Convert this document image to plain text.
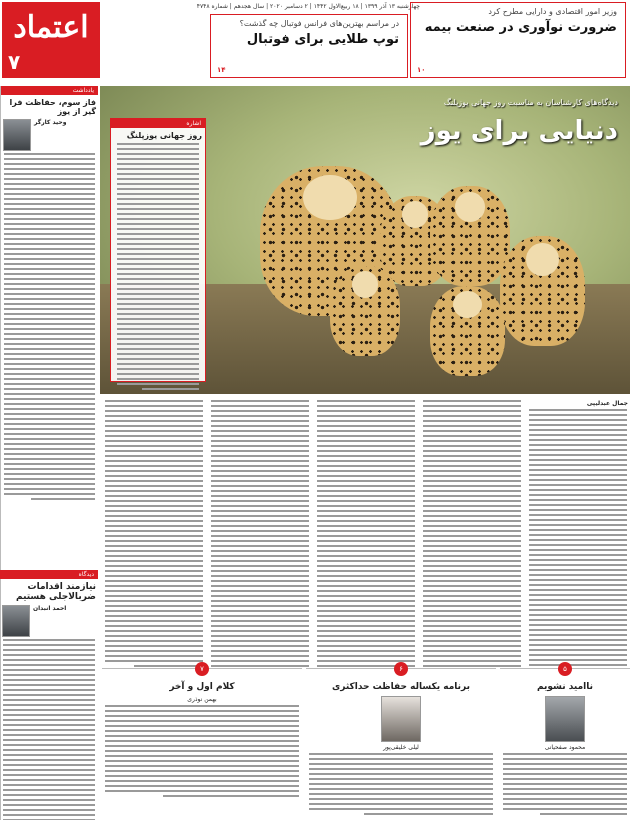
اعتماد
۷
چهارشنبه ۱۳ آذر ۱۳۹۹ | ۱۸ ربیع‌الاول ۱۴۴۲ | ۲ دسامبر ۲۰۲۰ | سال هجدهم | شماره ۴۷۴۸
وزیر امور اقتصادی و دارایی مطرح کرد
ضرورت نوآوری در صنعت بیمه
۱۰
در مراسم بهترین‌های فرانس فوتبال چه گذشت؟
توپ طلایی برای فوتبال
۱۴
یادداشت
فاز سوم، حفاظت فرا گیر از یوز
وحید کارگر
دیدگاه
نیازمند اقدامات ضربالاجلی هستیم
احمد انبدان
دیدگاه‌های کارشناسان به مناسبت روز جهانی یوزپلنگ
دنیایی برای یوز
اشاره
روز جهانی یوزپلنگ
جمال عبدلیپی
۵
ناامید نشویم
محمود صفحیانی
۶
برنامه یکساله حفاظت حداکثری
لیلی خلیقی‌پور
۷
کلام اول و آخر
بهمن نوذری
